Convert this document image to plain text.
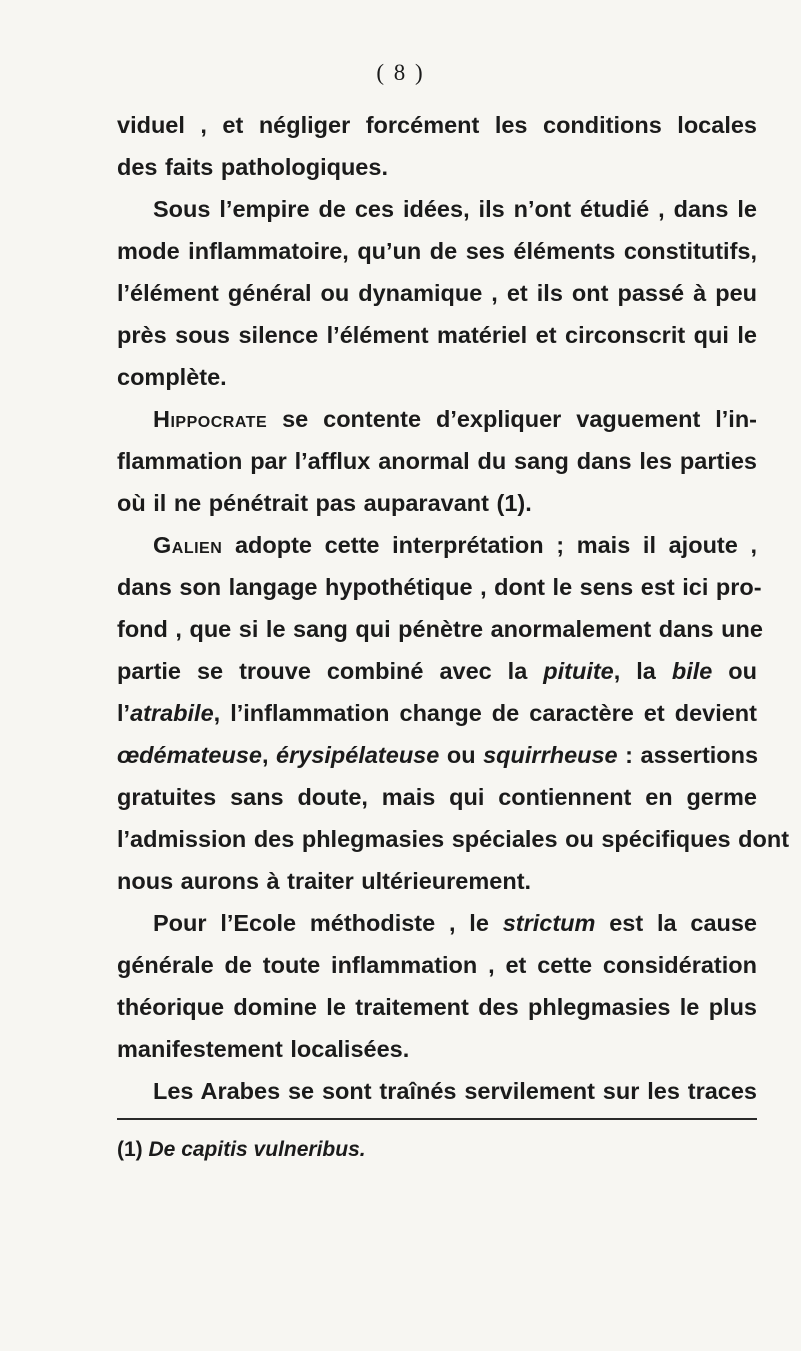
( 8 )
viduel , et négliger forcément les conditions locales
des faits pathologiques.
Sous l’empire de ces idées, ils n’ont étudié , dans le
mode inflammatoire, qu’un de ses éléments constitutifs,
l’élément général ou dynamique , et ils ont passé à peu
près sous silence l’élément matériel et circonscrit qui le
complète.
Hippocrate se contente d’expliquer vaguement l’in-
flammation par l’afflux anormal du sang dans les parties
où il ne pénétrait pas auparavant (1).
Galien adopte cette interprétation ; mais il ajoute ,
dans son langage hypothétique , dont le sens est ici pro-
fond , que si le sang qui pénètre anormalement dans une
partie se trouve combiné avec la pituite, la bile ou
l’atrabile, l’inflammation change de caractère et devient
œdémateuse, érysipélateuse ou squirrheuse : assertions
gratuites sans doute, mais qui contiennent en germe
l’admission des phlegmasies spéciales ou spécifiques dont
nous aurons à traiter ultérieurement.
Pour l’Ecole méthodiste , le strictum est la cause
générale de toute inflammation , et cette considération
théorique domine le traitement des phlegmasies le plus
manifestement localisées.
Les Arabes se sont traînés servilement sur les traces
(1) De capitis vulneribus.
